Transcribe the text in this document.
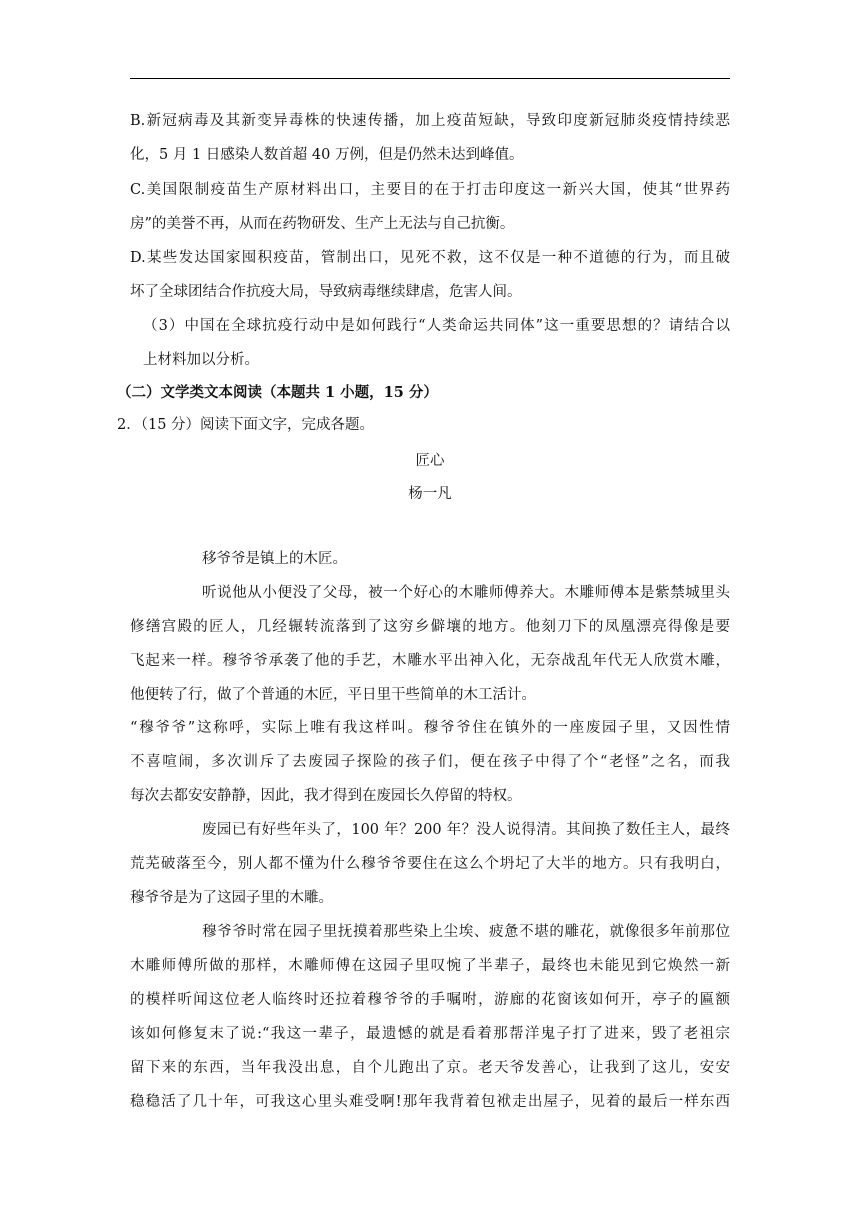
B.新冠病毒及其新变异毒株的快速传播，加上疫苗短缺，导致印度新冠肺炎疫情持续恶
化，5 月 1 日感染人数首超 40 万例，但是仍然未达到峰值。
C.美国限制疫苗生产原材料出口，主要目的在于打击印度这一新兴大国，使其“世界药
房”的美誉不再，从而在药物研发、生产上无法与自己抗衡。
D.某些发达国家囤积疫苗，管制出口，见死不救，这不仅是一种不道德的行为，而且破
坏了全球团结合作抗疫大局，导致病毒继续肆虐，危害人间。
（3）中国在全球抗疫行动中是如何践行“人类命运共同体”这一重要思想的？请结合以
上材料加以分析。
（二）文学类文本阅读（本题共 1 小题，15 分）
2．（15 分）阅读下面文字，完成各题。
匠心
杨一凡
移爷爷是镇上的木匠。
听说他从小便没了父母，被一个好心的木雕师傅养大。木雕师傅本是紫禁城里头
修缮宫殿的匠人，几经辗转流落到了这穷乡僻壤的地方。他刻刀下的凤凰漂亮得像是要
飞起来一样。穆爷爷承袭了他的手艺，木雕水平出神入化，无奈战乱年代无人欣赏木雕，
他便转了行，做了个普通的木匠，平日里干些简单的木工活计。
“穆爷爷”这称呼，实际上唯有我这样叫。穆爷爷住在镇外的一座废园子里，又因性情
不喜喧闹，多次训斥了去废园子探险的孩子们，便在孩子中得了个“老怪”之名，而我
每次去都安安静静，因此，我才得到在废园长久停留的特权。
废园已有好些年头了，100 年？200 年？没人说得清。其间换了数任主人，最终
荒芜破落至今，别人都不懂为什么穆爷爷要住在这么个坍圮了大半的地方。只有我明白，
穆爷爷是为了这园子里的木雕。
穆爷爷时常在园子里抚摸着那些染上尘埃、疲惫不堪的雕花，就像很多年前那位
木雕师傅所做的那样，木雕师傅在这园子里叹惋了半辈子，最终也未能见到它焕然一新
的模样听闻这位老人临终时还拉着穆爷爷的手嘱咐，游廊的花窗该如何开，亭子的匾额
该如何修复末了说:“我这一辈子，最遗憾的就是看着那帮洋鬼子打了进来，毁了老祖宗
留下来的东西，当年我没出息，自个儿跑出了京。老天爷发善心，让我到了这儿，安安
稳稳活了几十年，可我这心里头难受啊!那年我背着包袱走出屋子，见着的最后一样东西
